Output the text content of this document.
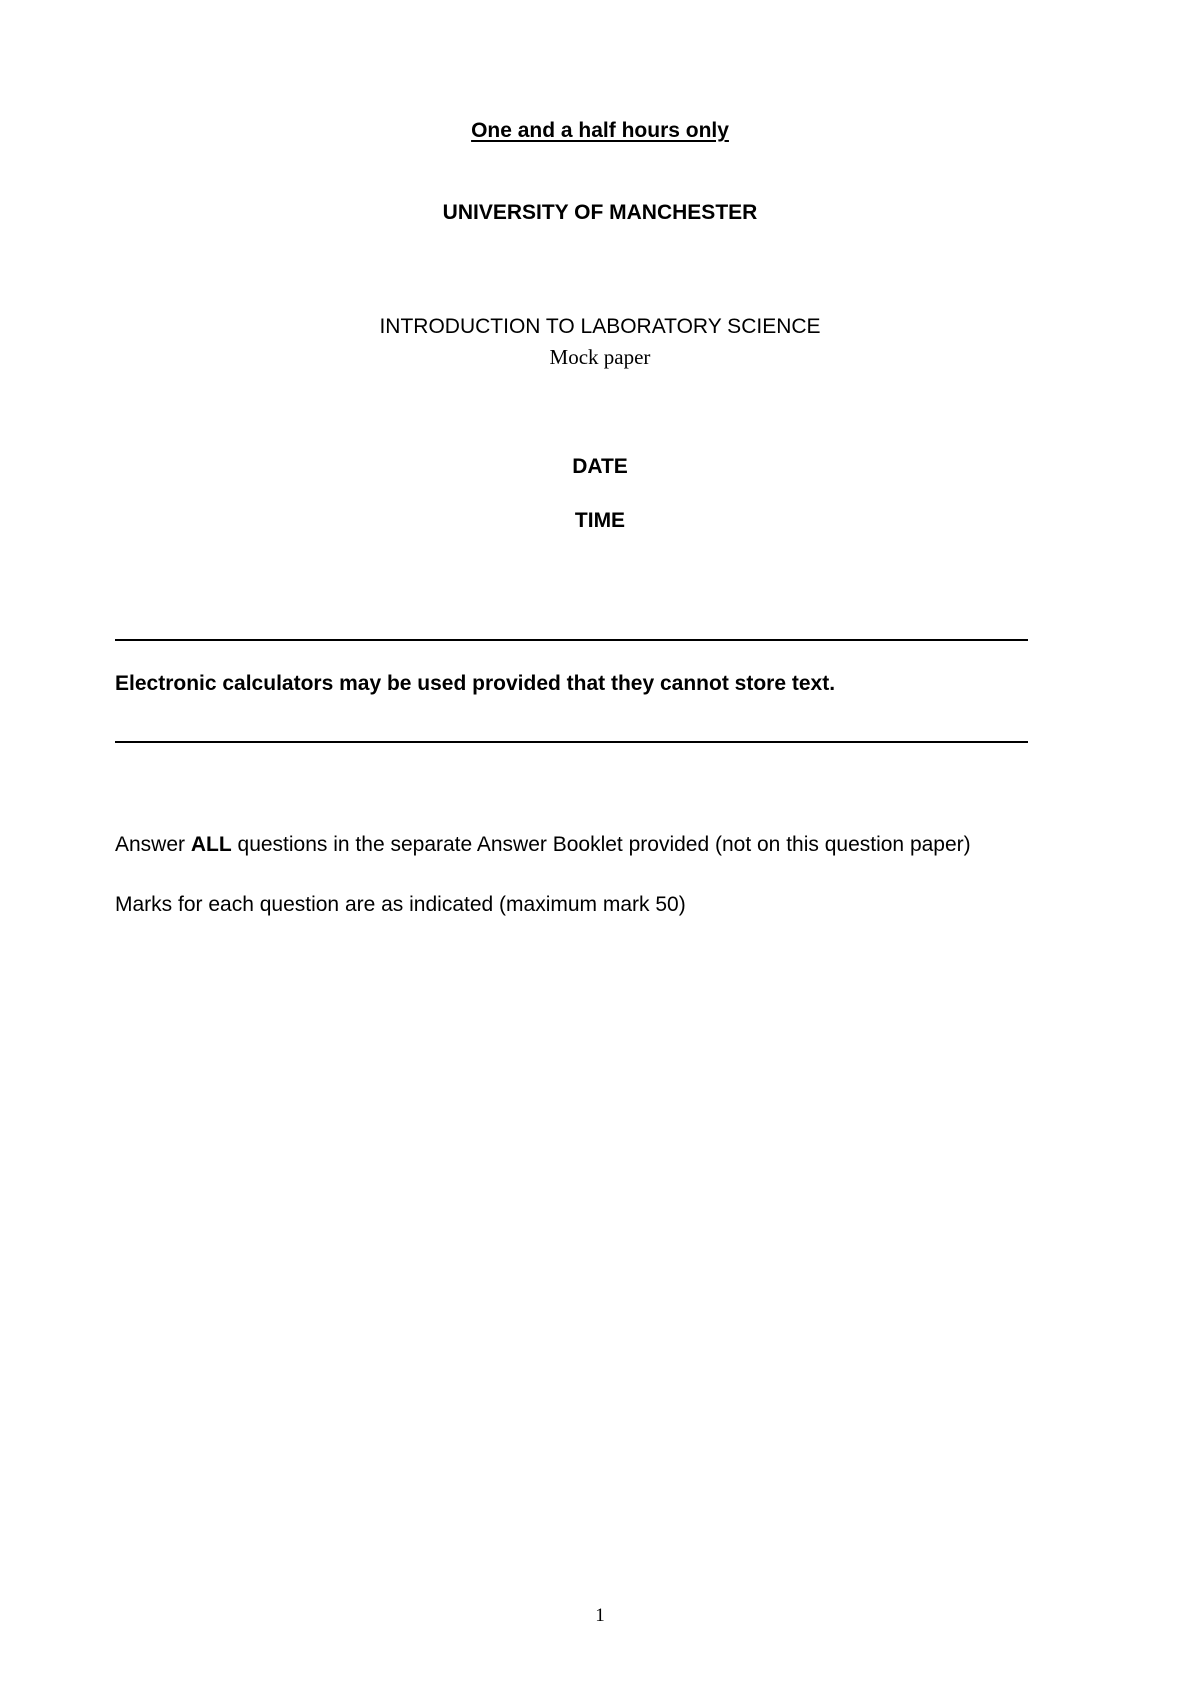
One and a half hours only
UNIVERSITY OF MANCHESTER
INTRODUCTION TO LABORATORY SCIENCE
Mock paper
DATE
TIME
Electronic calculators may be used provided that they cannot store text.
Answer ALL questions in the separate Answer Booklet provided (not on this question paper)
Marks for each question are as indicated (maximum mark 50)
1
